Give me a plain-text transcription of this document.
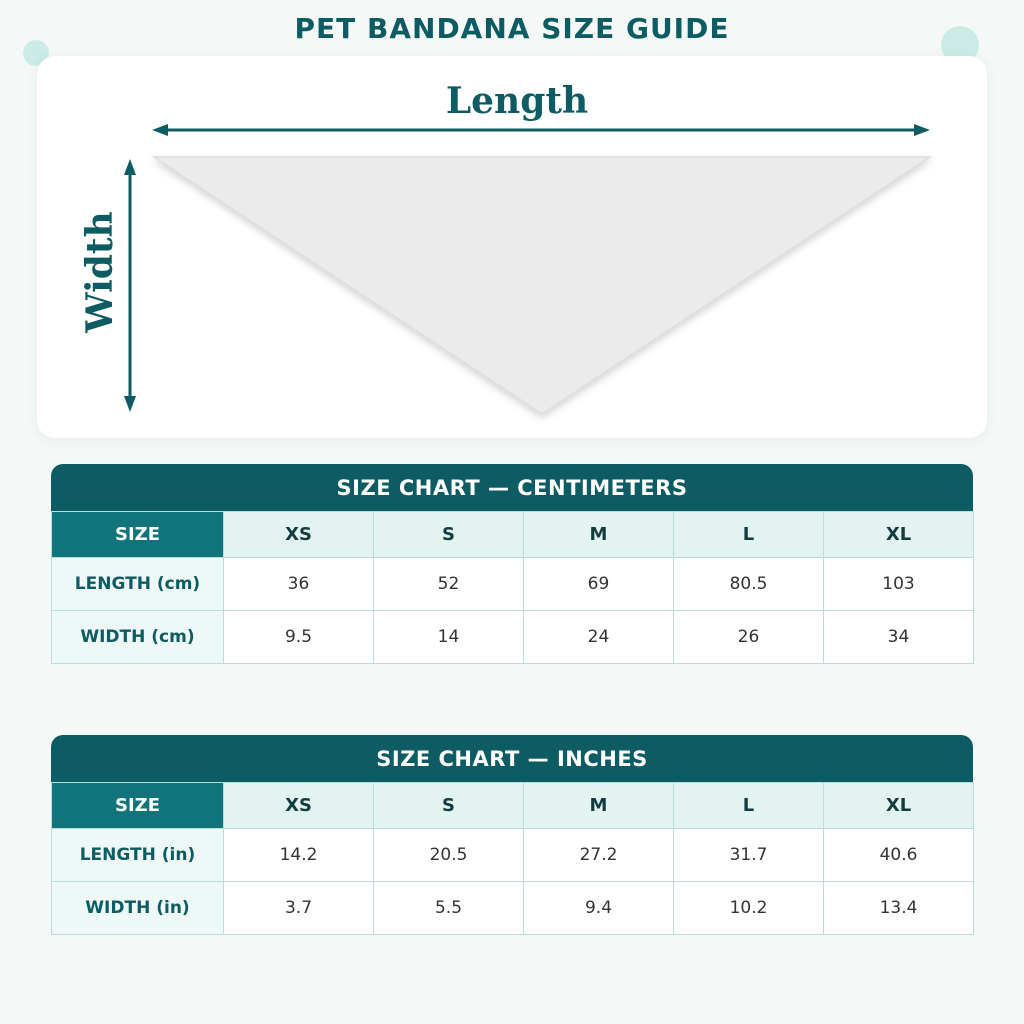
PET BANDANA SIZE GUIDE
Length
Width
SIZE CHART — CENTIMETERS
SIZE	XS	S	M	L	XL
LENGTH (cm)	36	52	69	80.5	103
WIDTH (cm)	9.5	14	24	26	34
SIZE CHART — INCHES
SIZE	XS	S	M	L	XL
LENGTH (in)	14.2	20.5	27.2	31.7	40.6
WIDTH (in)	3.7	5.5	9.4	10.2	13.4
